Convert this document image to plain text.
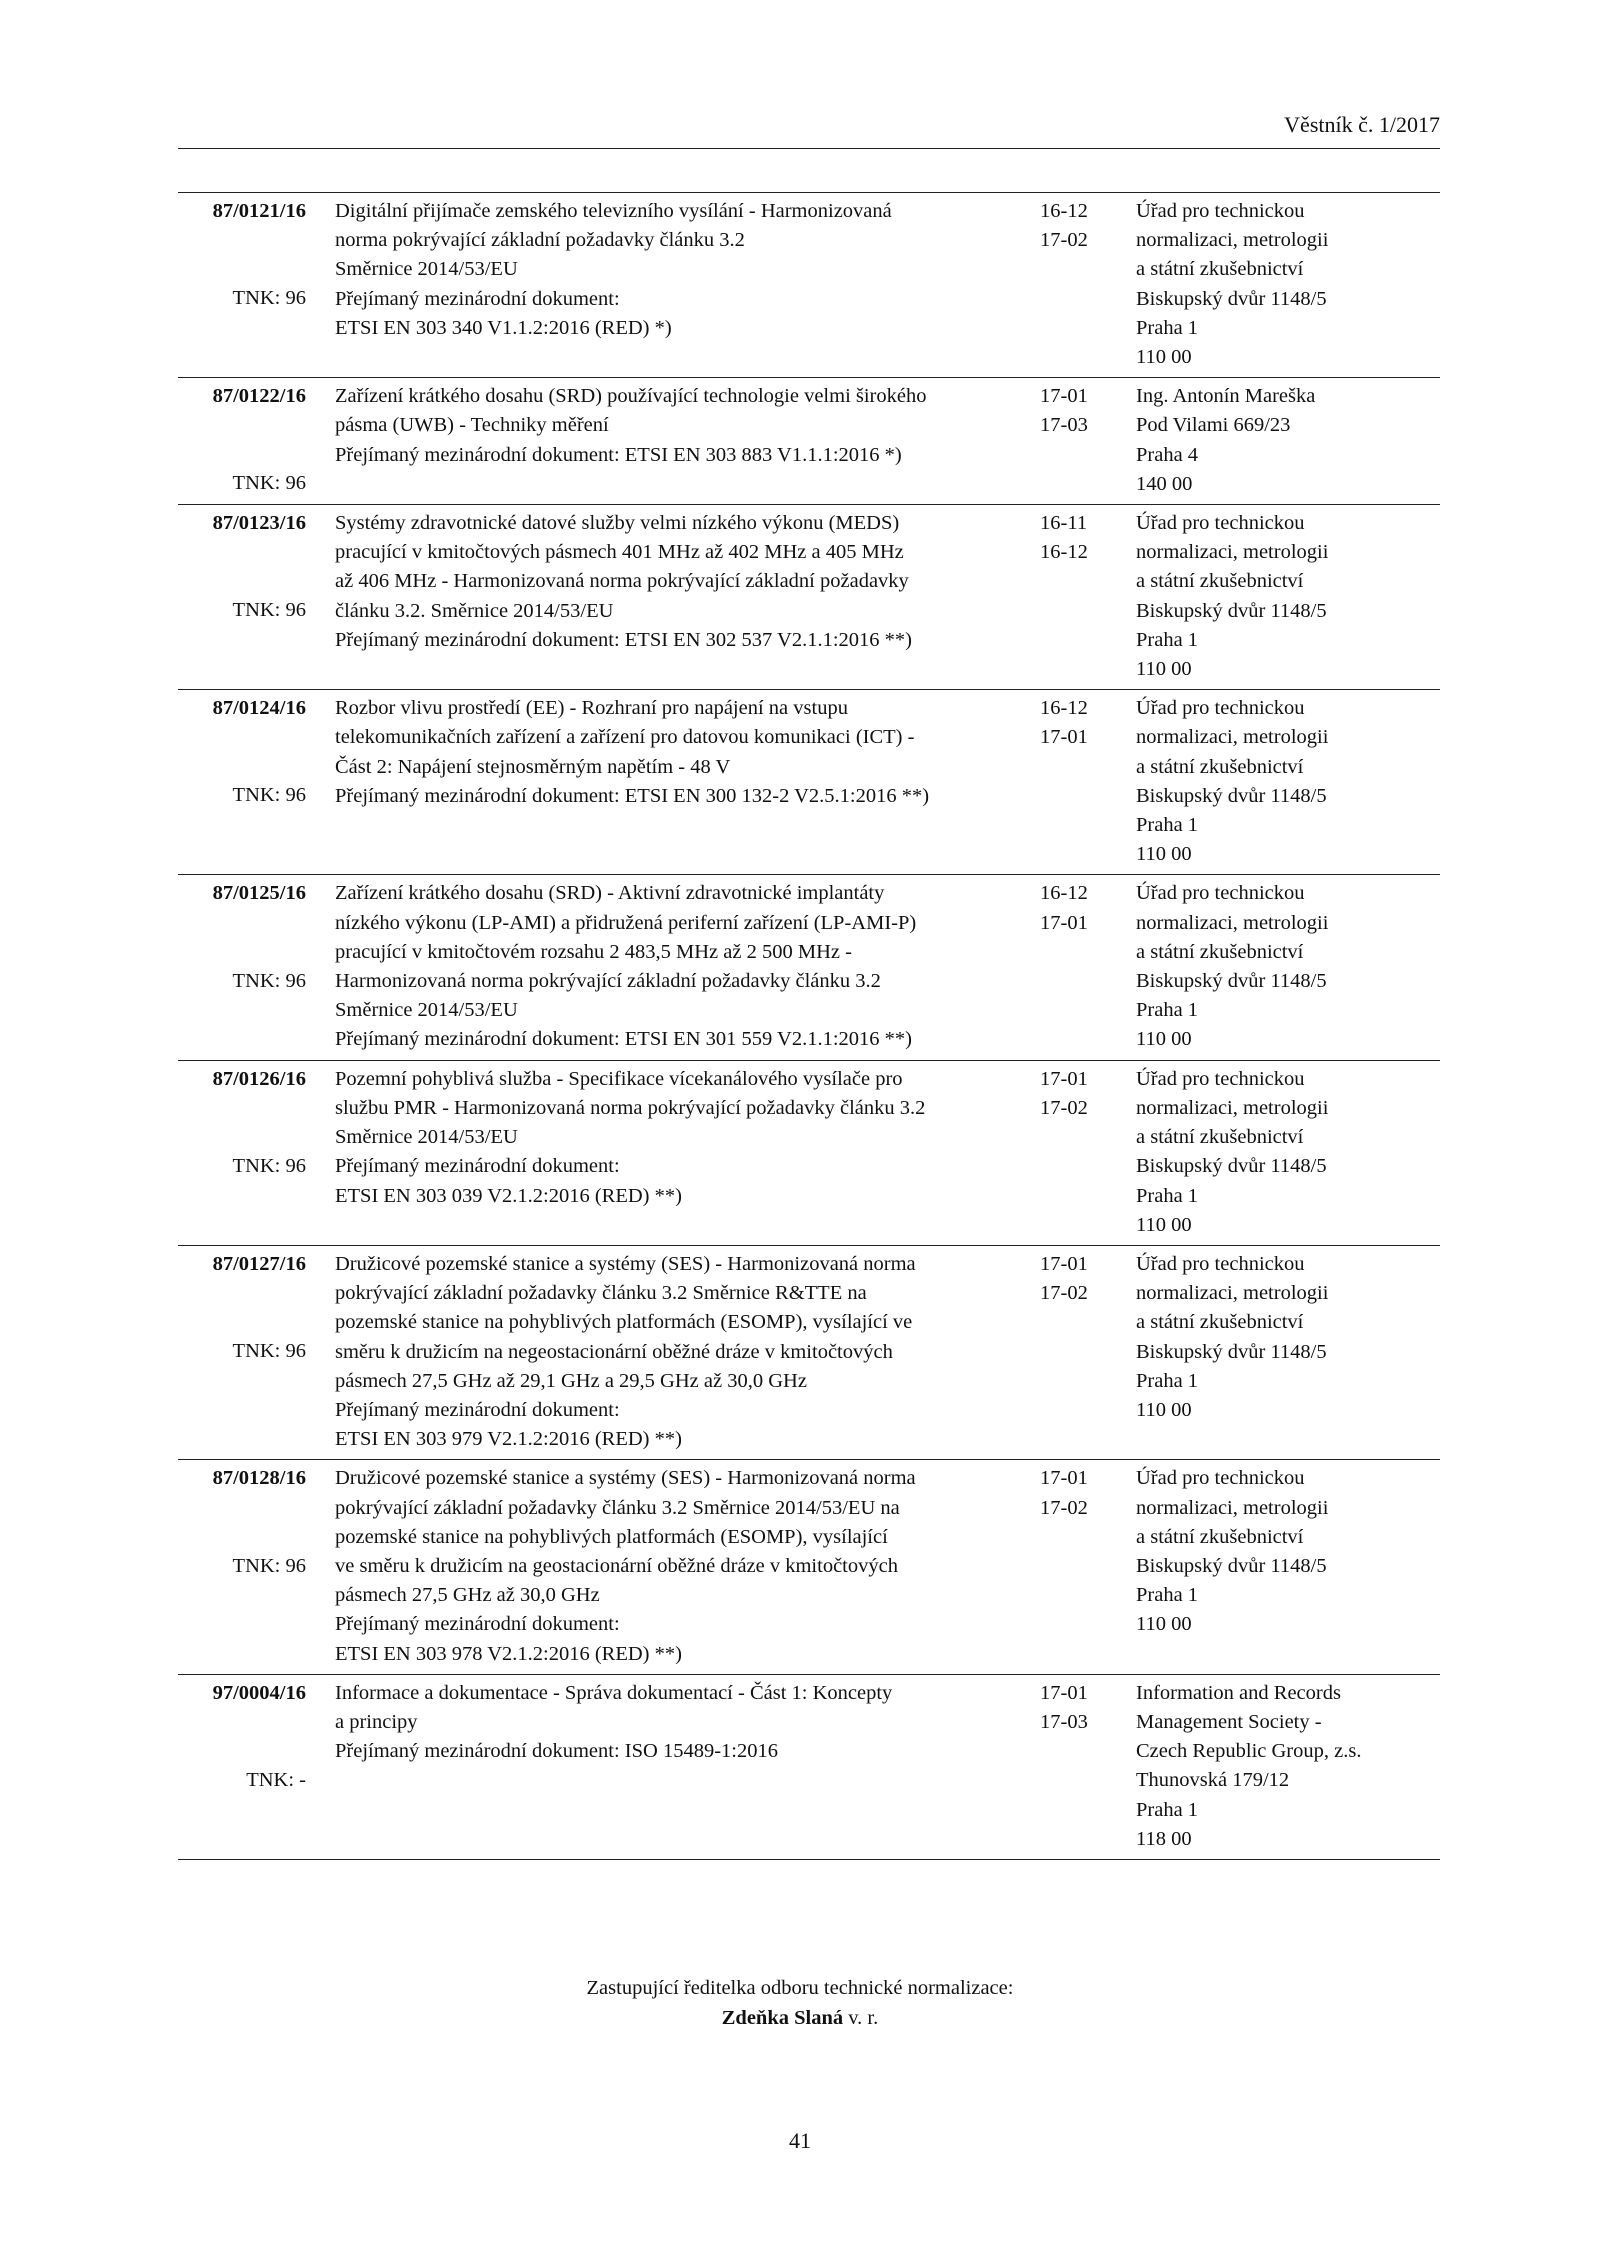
Věstník č. 1/2017
87/0121/16
TNK: 96
Digitální přijímače zemského televizního vysílání - Harmonizovaná
norma pokrývající základní požadavky článku 3.2
Směrnice 2014/53/EU
Přejímaný mezinárodní dokument:
ETSI EN 303 340 V1.1.2:2016 (RED) *)
16-12
17-02
Úřad pro technickou
normalizaci, metrologii
a státní zkušebnictví
Biskupský dvůr 1148/5
Praha 1
110 00
87/0122/16
TNK: 96
Zařízení krátkého dosahu (SRD) používající technologie velmi širokého
pásma (UWB) - Techniky měření
Přejímaný mezinárodní dokument: ETSI EN 303 883 V1.1.1:2016 *)
17-01
17-03
Ing. Antonín Mareška
Pod Vilami 669/23
Praha 4
140 00
87/0123/16
TNK: 96
Systémy zdravotnické datové služby velmi nízkého výkonu (MEDS)
pracující v kmitočtových pásmech 401 MHz až 402 MHz a 405 MHz
až 406 MHz - Harmonizovaná norma pokrývající základní požadavky
článku 3.2. Směrnice 2014/53/EU
Přejímaný mezinárodní dokument: ETSI EN 302 537 V2.1.1:2016 **)
16-11
16-12
Úřad pro technickou
normalizaci, metrologii
a státní zkušebnictví
Biskupský dvůr 1148/5
Praha 1
110 00
87/0124/16
TNK: 96
Rozbor vlivu prostředí (EE) - Rozhraní pro napájení na vstupu
telekomunikačních zařízení a zařízení pro datovou komunikaci (ICT) -
Část 2: Napájení stejnosměrným napětím - 48 V
Přejímaný mezinárodní dokument: ETSI EN 300 132-2 V2.5.1:2016 **)
16-12
17-01
Úřad pro technickou
normalizaci, metrologii
a státní zkušebnictví
Biskupský dvůr 1148/5
Praha 1
110 00
87/0125/16
TNK: 96
Zařízení krátkého dosahu (SRD) - Aktivní zdravotnické implantáty
nízkého výkonu (LP-AMI) a přidružená periferní zařízení (LP-AMI-P)
pracující v kmitočtovém rozsahu 2 483,5 MHz až 2 500 MHz -
Harmonizovaná norma pokrývající základní požadavky článku 3.2
Směrnice 2014/53/EU
Přejímaný mezinárodní dokument: ETSI EN 301 559 V2.1.1:2016 **)
16-12
17-01
Úřad pro technickou
normalizaci, metrologii
a státní zkušebnictví
Biskupský dvůr 1148/5
Praha 1
110 00
87/0126/16
TNK: 96
Pozemní pohyblivá služba - Specifikace vícekanálového vysílače pro
službu PMR - Harmonizovaná norma pokrývající požadavky článku 3.2
Směrnice 2014/53/EU
Přejímaný mezinárodní dokument:
ETSI EN 303 039 V2.1.2:2016 (RED) **)
17-01
17-02
Úřad pro technickou
normalizaci, metrologii
a státní zkušebnictví
Biskupský dvůr 1148/5
Praha 1
110 00
87/0127/16
TNK: 96
Družicové pozemské stanice a systémy (SES) - Harmonizovaná norma
pokrývající základní požadavky článku 3.2 Směrnice R&TTE na
pozemské stanice na pohyblivých platformách (ESOMP), vysílající ve
směru k družicím na negeostacionární oběžné dráze v kmitočtových
pásmech 27,5 GHz až 29,1 GHz a 29,5 GHz až 30,0 GHz
Přejímaný mezinárodní dokument:
ETSI EN 303 979 V2.1.2:2016 (RED) **)
17-01
17-02
Úřad pro technickou
normalizaci, metrologii
a státní zkušebnictví
Biskupský dvůr 1148/5
Praha 1
110 00
87/0128/16
TNK: 96
Družicové pozemské stanice a systémy (SES) - Harmonizovaná norma
pokrývající základní požadavky článku 3.2 Směrnice 2014/53/EU na
pozemské stanice na pohyblivých platformách (ESOMP), vysílající
ve směru k družicím na geostacionární oběžné dráze v kmitočtových
pásmech 27,5 GHz až 30,0 GHz
Přejímaný mezinárodní dokument:
ETSI EN 303 978 V2.1.2:2016 (RED) **)
17-01
17-02
Úřad pro technickou
normalizaci, metrologii
a státní zkušebnictví
Biskupský dvůr 1148/5
Praha 1
110 00
97/0004/16
TNK: -
Informace a dokumentace - Správa dokumentací - Část 1: Koncepty
a principy
Přejímaný mezinárodní dokument: ISO 15489-1:2016
17-01
17-03
Information and Records
Management Society -
Czech Republic Group, z.s.
Thunovská 179/12
Praha 1
118 00
Zastupující ředitelka odboru technické normalizace:
Zdeňka Slaná v. r.
41
